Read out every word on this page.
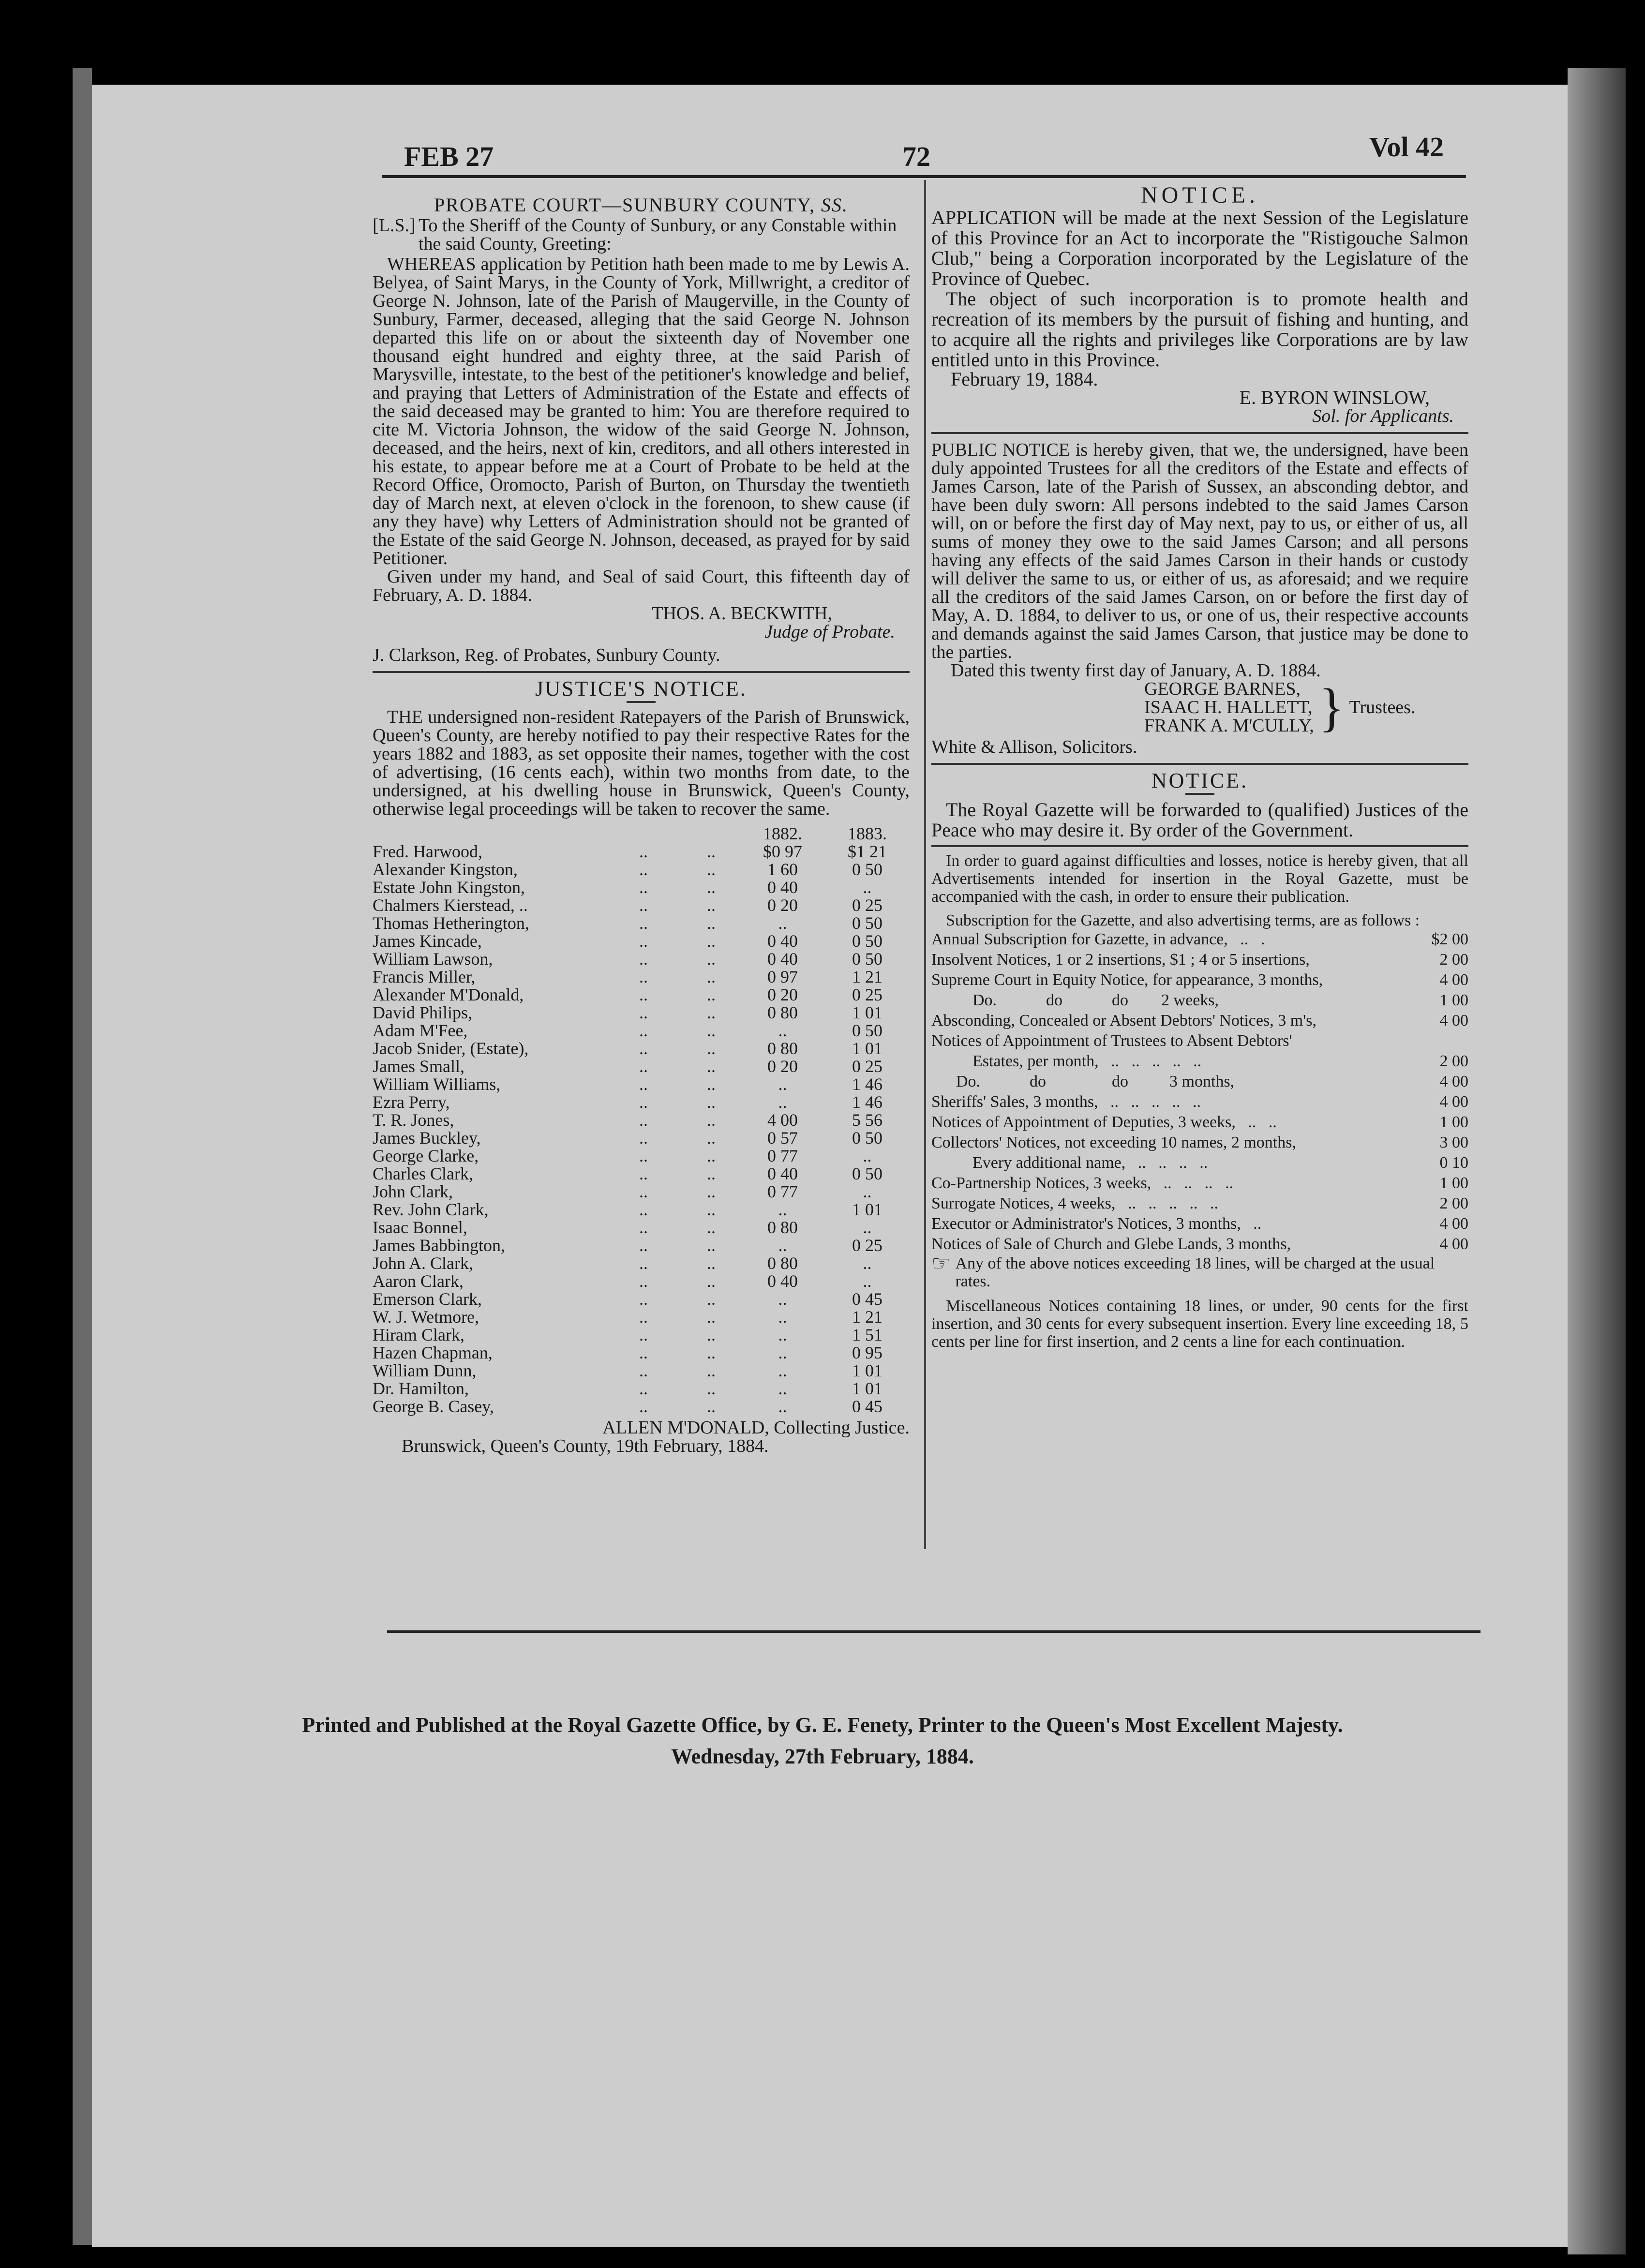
FEB 27	72	Vol 42
PROBATE COURT—SUNBURY COUNTY, SS.
[L.S.] To the Sheriff of the County of Sunbury, or any Constable within the said County, Greeting:

WHEREAS application by Petition hath been made to me by Lewis A. Belyea, of Saint Marys, in the County of York, Millwright, a creditor of George N. Johnson, late of the Parish of Maugerville, in the County of Sunbury, Farmer, deceased, alleging that the said George N. Johnson departed this life on or about the sixteenth day of November one thousand eight hundred and eighty three, at the said Parish of Marysville, intestate, to the best of the petitioner's knowledge and belief, and praying that Letters of Administration of the Estate and effects of the said deceased may be granted to him: You are therefore required to cite M. Victoria Johnson, the widow of the said George N. Johnson, deceased, and the heirs, next of kin, creditors, and all others interested in his estate, to appear before me at a Court of Probate to be held at the Record Office, Oromocto, Parish of Burton, on Thursday the twentieth day of March next, at eleven o'clock in the forenoon, to shew cause (if any they have) why Letters of Administration should not be granted of the Estate of the said George N. Johnson, deceased, as prayed for by said Petitioner.

Given under my hand, and Seal of said Court, this fifteenth day of February, A. D. 1884.

THOS. A. BECKWITH,

Judge of Probate.

J. Clarkson, Reg. of Probates, Sunbury County.

JUSTICE'S NOTICE.

THE undersigned non-resident Ratepayers of the Parish of Brunswick, Queen's County, are hereby notified to pay their respective Rates for the years 1882 and 1883, as set opposite their names, together with the cost of advertising, (16 cents each), within two months from date, to the undersigned, at his dwelling house in Brunswick, Queen's County, otherwise legal proceedings will be taken to recover the same.

			1882.	1883.
Fred. Harwood,	..	..	$0 97	$1 21
Alexander Kingston,	..	..	1 60	0 50
Estate John Kingston,	..	..	0 40	..
Chalmers Kierstead, ..	..	..	0 20	0 25
Thomas Hetherington,	..	..	..	0 50
James Kincade,	..	..	0 40	0 50
William Lawson,	..	..	0 40	0 50
Francis Miller,	..	..	0 97	1 21
Alexander M'Donald,	..	..	0 20	0 25
David Philips,	..	..	0 80	1 01
Adam M'Fee,	..	..	..	0 50
Jacob Snider, (Estate),	..	..	0 80	1 01
James Small,	..	..	0 20	0 25
William Williams,	..	..	..	1 46
Ezra Perry,	..	..	..	1 46
T. R. Jones,	..	..	4 00	5 56
James Buckley,	..	..	0 57	0 50
George Clarke,	..	..	0 77	..
Charles Clark,	..	..	0 40	0 50
John Clark,	..	..	0 77	..
Rev. John Clark,	..	..	..	1 01
Isaac Bonnel,	..	..	0 80	..
James Babbington,	..	..	..	0 25
John A. Clark,	..	..	0 80	..
Aaron Clark,	..	..	0 40	..
Emerson Clark,	..	..	..	0 45
W. J. Wetmore,	..	..	..	1 21
Hiram Clark,	..	..	..	1 51
Hazen Chapman,	..	..	..	0 95
William Dunn,	..	..	..	1 01
Dr. Hamilton,	..	..	..	1 01
George B. Casey,	..	..	..	0 45

ALLEN M'DONALD, Collecting Justice.

Brunswick, Queen's County, 19th February, 1884.

NOTICE.

APPLICATION will be made at the next Session of the Legislature of this Province for an Act to incorporate the "Ristigouche Salmon Club," being a Corporation incorporated by the Legislature of the Province of Quebec.

The object of such incorporation is to promote health and recreation of its members by the pursuit of fishing and hunting, and to acquire all the rights and privileges like Corporations are by law entitled unto in this Province.

February 19, 1884.

E. BYRON WINSLOW,

Sol. for Applicants.

PUBLIC NOTICE is hereby given, that we, the undersigned, have been duly appointed Trustees for all the creditors of the Estate and effects of James Carson, late of the Parish of Sussex, an absconding debtor, and have been duly sworn: All persons indebted to the said James Carson will, on or before the first day of May next, pay to us, or either of us, all sums of money they owe to the said James Carson; and all persons having any effects of the said James Carson in their hands or custody will deliver the same to us, or either of us, as aforesaid; and we require all the creditors of the said James Carson, on or before the first day of May, A. D. 1884, to deliver to us, or one of us, their respective accounts and demands against the said James Carson, that justice may be done to the parties.

Dated this twenty first day of January, A. D. 1884.

GEORGE BARNES,
ISAAC H. HALLETT,
FRANK A. M'CULLY, } Trustees.

White & Allison, Solicitors.

NOTICE.

The Royal Gazette will be forwarded to (qualified) Justices of the Peace who may desire it. By order of the Government.

In order to guard against difficulties and losses, notice is hereby given, that all Advertisements intended for insertion in the Royal Gazette, must be accompanied with the cash, in order to ensure their publication.

Subscription for the Gazette, and also advertising terms, are as follows :

Annual Subscription for Gazette, in advance,   ..   .	$2 00
Insolvent Notices, 1 or 2 insertions, $1 ; 4 or 5 insertions,	2 00
Supreme Court in Equity Notice, for appearance, 3 months,	4 00
Do.            do            do        2 weeks,	1 00
Absconding, Concealed or Absent Debtors' Notices, 3 m's,	4 00
Notices of Appointment of Trustees to Absent Debtors'	
Estates, per month,   ..   ..   ..   ..   ..	2 00
Do.            do                do          3 months,	4 00
Sheriffs' Sales, 3 months,   ..   ..   ..   ..   ..	4 00
Notices of Appointment of Deputies, 3 weeks,   ..   ..	1 00
Collectors' Notices, not exceeding 10 names, 2 months,	3 00
Every additional name,   ..   ..   ..   ..	0 10
Co-Partnership Notices, 3 weeks,   ..   ..   ..   ..	1 00
Surrogate Notices, 4 weeks,   ..   ..   ..   ..   ..	2 00
Executor or Administrator's Notices, 3 months,   ..	4 00
Notices of Sale of Church and Glebe Lands, 3 months,	4 00
☞ Any of the above notices exceeding 18 lines, will be charged at the usual rates.

Miscellaneous Notices containing 18 lines, or under, 90 cents for the first insertion, and 30 cents for every subsequent insertion. Every line exceeding 18, 5 cents per line for first insertion, and 2 cents a line for each continuation.

Printed and Published at the Royal Gazette Office, by G. E. Fenety, Printer to the Queen's Most Excellent Majesty.
Wednesday, 27th February, 1884.
